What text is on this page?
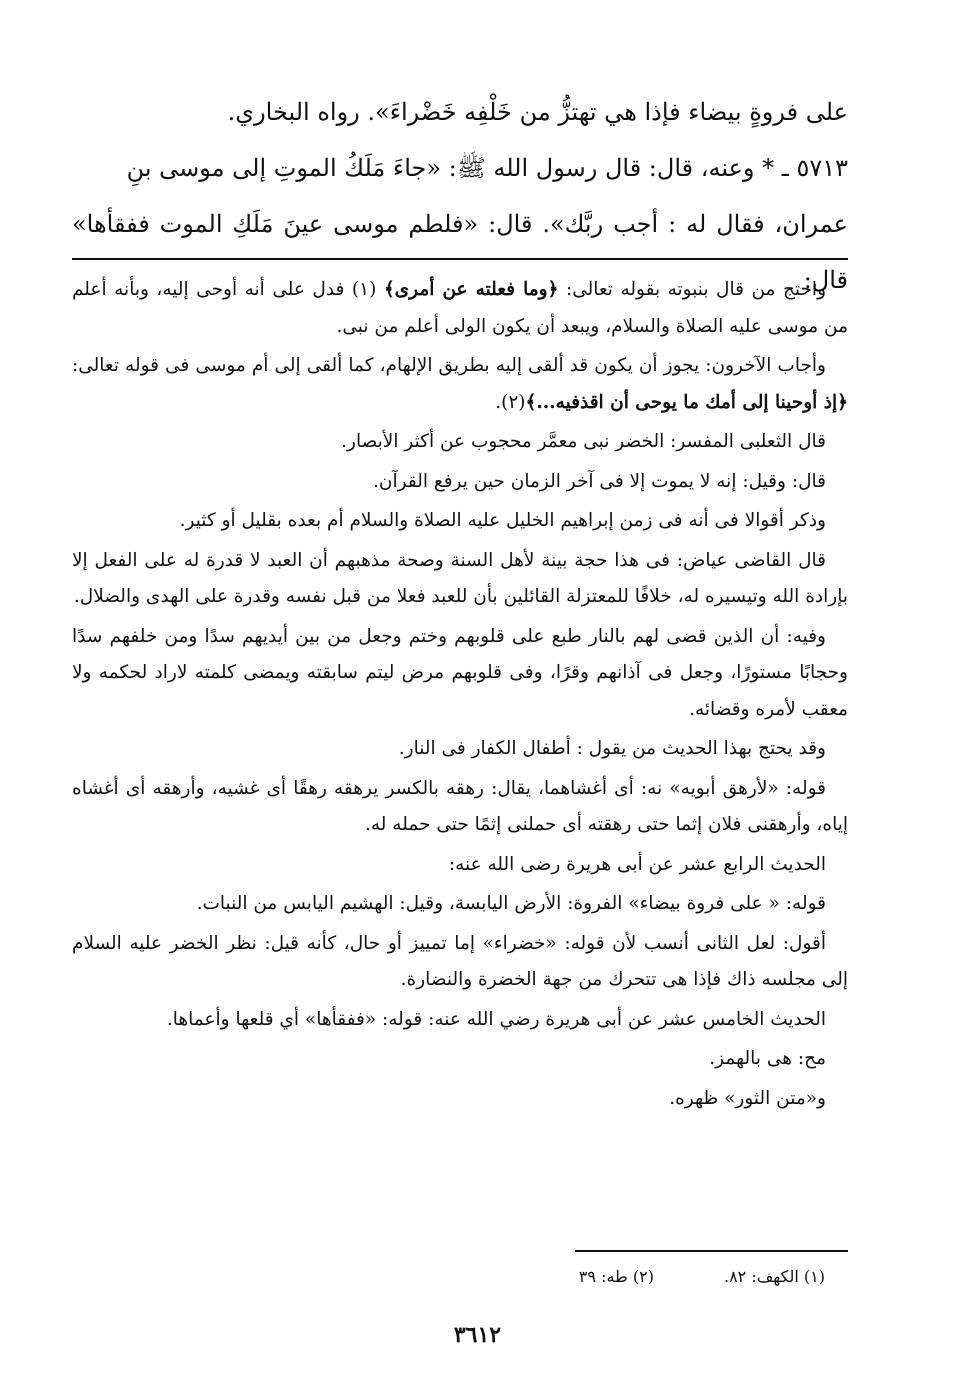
على فروةٍ بيضاء فإذا هي تهتزُّ من خَلْفِه خَضْراءَ». رواه البخاري.

٥٧١٣ ـ * وعنه، قال: قال رسول الله ﷺ: «جاءَ مَلَكُ الموتِ إلى موسى بنِ

عمران، فقال له : أجب ربَّك». قال: «فلطم موسى عينَ مَلَكِ الموت ففقأها» قال:

واحتج من قال بنبوته بقوله تعالى: ﴿وما فعلته عن أمرى﴾ (١) فدل على أنه أوحى إليه، وبأنه أعلم من موسى عليه الصلاة والسلام، ويبعد أن يكون الولى أعلم من نبى.

وأجاب الآخرون: يجوز أن يكون قد ألقى إليه بطريق الإلهام، كما ألقى إلى أم موسى فى قوله تعالى: ﴿إذ أوحينا إلى أمك ما يوحى أن اقذفيه...﴾(٢).

قال الثعلبى المفسر: الخضر نبى معمَّر محجوب عن أكثر الأبصار.

قال: وقيل: إنه لا يموت إلا فى آخر الزمان حين يرفع القرآن.

وذكر أقوالا فى أنه فى زمن إبراهيم الخليل عليه الصلاة والسلام أم بعده بقليل أو كثير.

قال القاضى عياض: فى هذا حجة بينة لأهل السنة وصحة مذهبهم أن العبد لا قدرة له على الفعل إلا بإرادة الله وتيسيره له، خلافًا للمعتزلة القائلين بأن للعبد فعلا من قبل نفسه وقدرة على الهدى والضلال.

وفيه: أن الذين قضى لهم بالنار طبع على قلوبهم وختم وجعل من بين أيديهم سدًا ومن خلفهم سدًا وحجابًا مستورًا، وجعل فى آذانهم وقرًا، وفى قلوبهم مرض ليتم سابقته ويمضى كلمته لاراد لحكمه ولا معقب لأمره وقضائه.

وقد يحتج بهذا الحديث من يقول : أطفال الكفار فى النار.

قوله: «لأرهق أبويه» نه: أى أغشاهما، يقال: رهقه بالكسر يرهقه رهقًا أى غشيه، وأرهقه أى أغشاه إياه، وأرهقنى فلان إثما حتى رهقته أى حملنى إثمًا حتى حمله له.

الحديث الرابع عشر عن أبى هريرة رضى الله عنه:

قوله: « على فروة بيضاء» الفروة: الأرض اليابسة، وقيل: الهشيم اليابس من النبات.

أقول: لعل الثانى أنسب لأن قوله: «خضراء» إما تمييز أو حال، كأنه قيل: نظر الخضر عليه السلام إلى مجلسه ذاك فإذا هى تتحرك من جهة الخضرة والنضارة.

الحديث الخامس عشر عن أبى هريرة رضي الله عنه: قوله: «ففقأها» أي قلعها وأعماها.

مح: هى بالهمز.

و«متن الثور» ظهره.

(١) الكهف: ٨٢.(٢) طه: ٣٩
٣٦١٢
